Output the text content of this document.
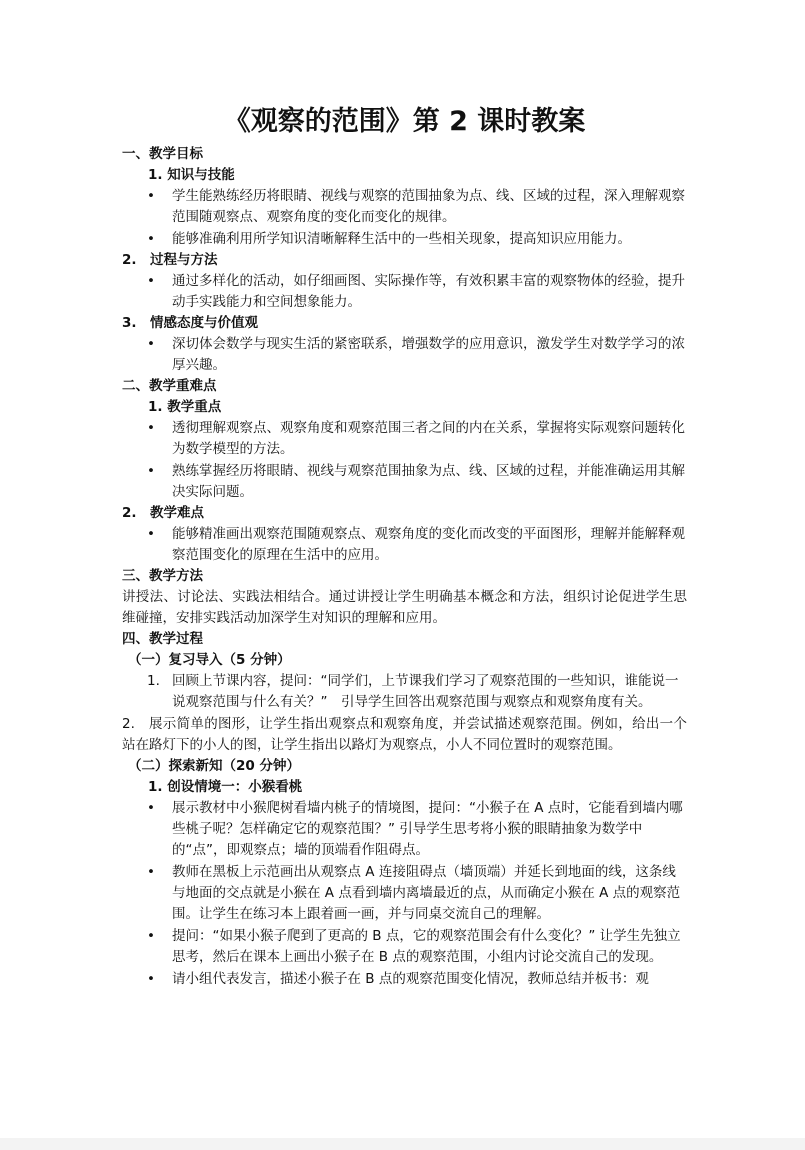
《观察的范围》第 2 课时教案
一、教学目标
1. 知识与技能
• 学生能熟练经历将眼睛、视线与观察的范围抽象为点、线、区域的过程，深入理解观察范围随观察点、观察角度的变化而变化的规律。
• 能够准确利用所学知识清晰解释生活中的一些相关现象，提高知识应用能力。
2. 过程与方法
• 通过多样化的活动，如仔细画图、实际操作等，有效积累丰富的观察物体的经验，提升动手实践能力和空间想象能力。
3. 情感态度与价值观
• 深切体会数学与现实生活的紧密联系，增强数学的应用意识，激发学生对数学学习的浓厚兴趣。
二、教学重难点
1. 教学重点
• 透彻理解观察点、观察角度和观察范围三者之间的内在关系，掌握将实际观察问题转化为数学模型的方法。
• 熟练掌握经历将眼睛、视线与观察范围抽象为点、线、区域的过程，并能准确运用其解决实际问题。
2. 教学难点
• 能够精准画出观察范围随观察点、观察角度的变化而改变的平面图形，理解并能解释观察范围变化的原理在生活中的应用。
三、教学方法
讲授法、讨论法、实践法相结合。通过讲授让学生明确基本概念和方法，组织讨论促进学生思维碰撞，安排实践活动加深学生对知识的理解和应用。
四、教学过程
（一）复习导入（5 分钟）
1. 回顾上节课内容，提问：“同学们，上节课我们学习了观察范围的一些知识，谁能说一说观察范围与什么有关？”　引导学生回答出观察范围与观察点和观察角度有关。
2.　展示简单的图形，让学生指出观察点和观察角度，并尝试描述观察范围。例如，给出一个站在路灯下的小人的图，让学生指出以路灯为观察点，小人不同位置时的观察范围。
（二）探索新知（20 分钟）
1. 创设情境一：小猴看桃
• 展示教材中小猴爬树看墙内桃子的情境图，提问：“小猴子在 A 点时，它能看到墙内哪些桃子呢？怎样确定它的观察范围？” 引导学生思考将小猴的眼睛抽象为数学中的“点”，即观察点；墙的顶端看作阻碍点。
• 教师在黑板上示范画出从观察点 A 连接阻碍点（墙顶端）并延长到地面的线，这条线与地面的交点就是小猴在 A 点看到墙内离墙最近的点，从而确定小猴在 A 点的观察范围。让学生在练习本上跟着画一画，并与同桌交流自己的理解。
• 提问：“如果小猴子爬到了更高的 B 点，它的观察范围会有什么变化？” 让学生先独立思考，然后在课本上画出小猴子在 B 点的观察范围，小组内讨论交流自己的发现。
• 请小组代表发言，描述小猴子在 B 点的观察范围变化情况，教师总结并板书：观
